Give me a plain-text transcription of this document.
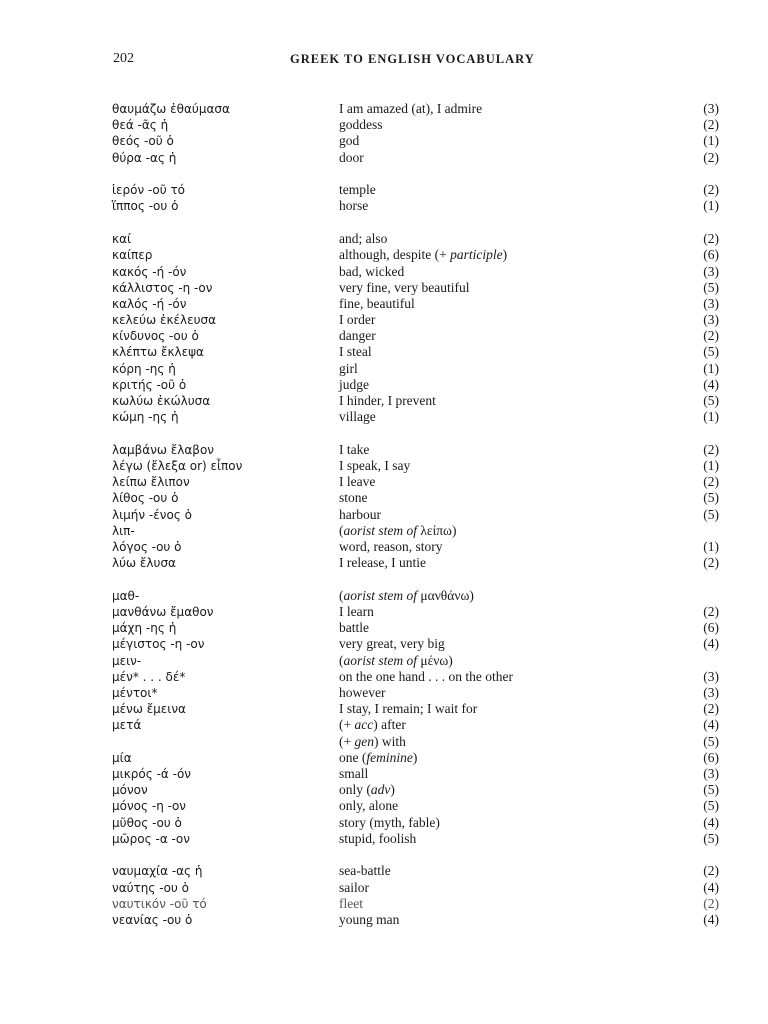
202	GREEK TO ENGLISH VOCABULARY
θαυμάζω ἐθαύμασα	I am amazed (at), I admire	(3)
θεά -ᾶς ἡ	goddess	(2)
θεός -οῦ ὁ	god	(1)
θύρα -ας ἡ	door	(2)
ἱερόν -οῦ τό	temple	(2)
ἵππος -ου ὁ	horse	(1)
καί	and; also	(2)
καίπερ	although, despite (+ participle)	(6)
κακός -ή -όν	bad, wicked	(3)
κάλλιστος -η -ον	very fine, very beautiful	(5)
καλός -ή -όν	fine, beautiful	(3)
κελεύω ἐκέλευσα	I order	(3)
κίνδυνος -ου ὁ	danger	(2)
κλέπτω ἔκλεψα	I steal	(5)
κόρη -ης ἡ	girl	(1)
κριτής -οῦ ὁ	judge	(4)
κωλύω ἐκώλυσα	I hinder, I prevent	(5)
κώμη -ης ἡ	village	(1)
λαμβάνω ἔλαβον	I take	(2)
λέγω (ἔλεξα or) εἶπον	I speak, I say	(1)
λείπω ἔλιπον	I leave	(2)
λίθος -ου ὁ	stone	(5)
λιμήν -ένος ὁ	harbour	(5)
λιπ-	(aorist stem of λείπω)
λόγος -ου ὁ	word, reason, story	(1)
λύω ἔλυσα	I release, I untie	(2)
μαθ-	(aorist stem of μανθάνω)
μανθάνω ἔμαθον	I learn	(2)
μάχη -ης ἡ	battle	(6)
μέγιστος -η -ον	very great, very big	(4)
μειν-	(aorist stem of μένω)
μέν* . . . δέ*	on the one hand . . . on the other	(3)
μέντοι*	however	(3)
μένω ἔμεινα	I stay, I remain; I wait for	(2)
μετά	(+ acc) after	(4)
(+ gen) with	(5)
μία	one (feminine)	(6)
μικρός -ά -όν	small	(3)
μόνον	only (adv)	(5)
μόνος -η -ον	only, alone	(5)
μῦθος -ου ὁ	story (myth, fable)	(4)
μῶρος -α -ον	stupid, foolish	(5)
ναυμαχία -ας ἡ	sea-battle	(2)
ναύτης -ου ὁ	sailor	(4)
ναυτικόν -οῦ τό	fleet	(2)
νεανίας -ου ὁ	young man	(4)
